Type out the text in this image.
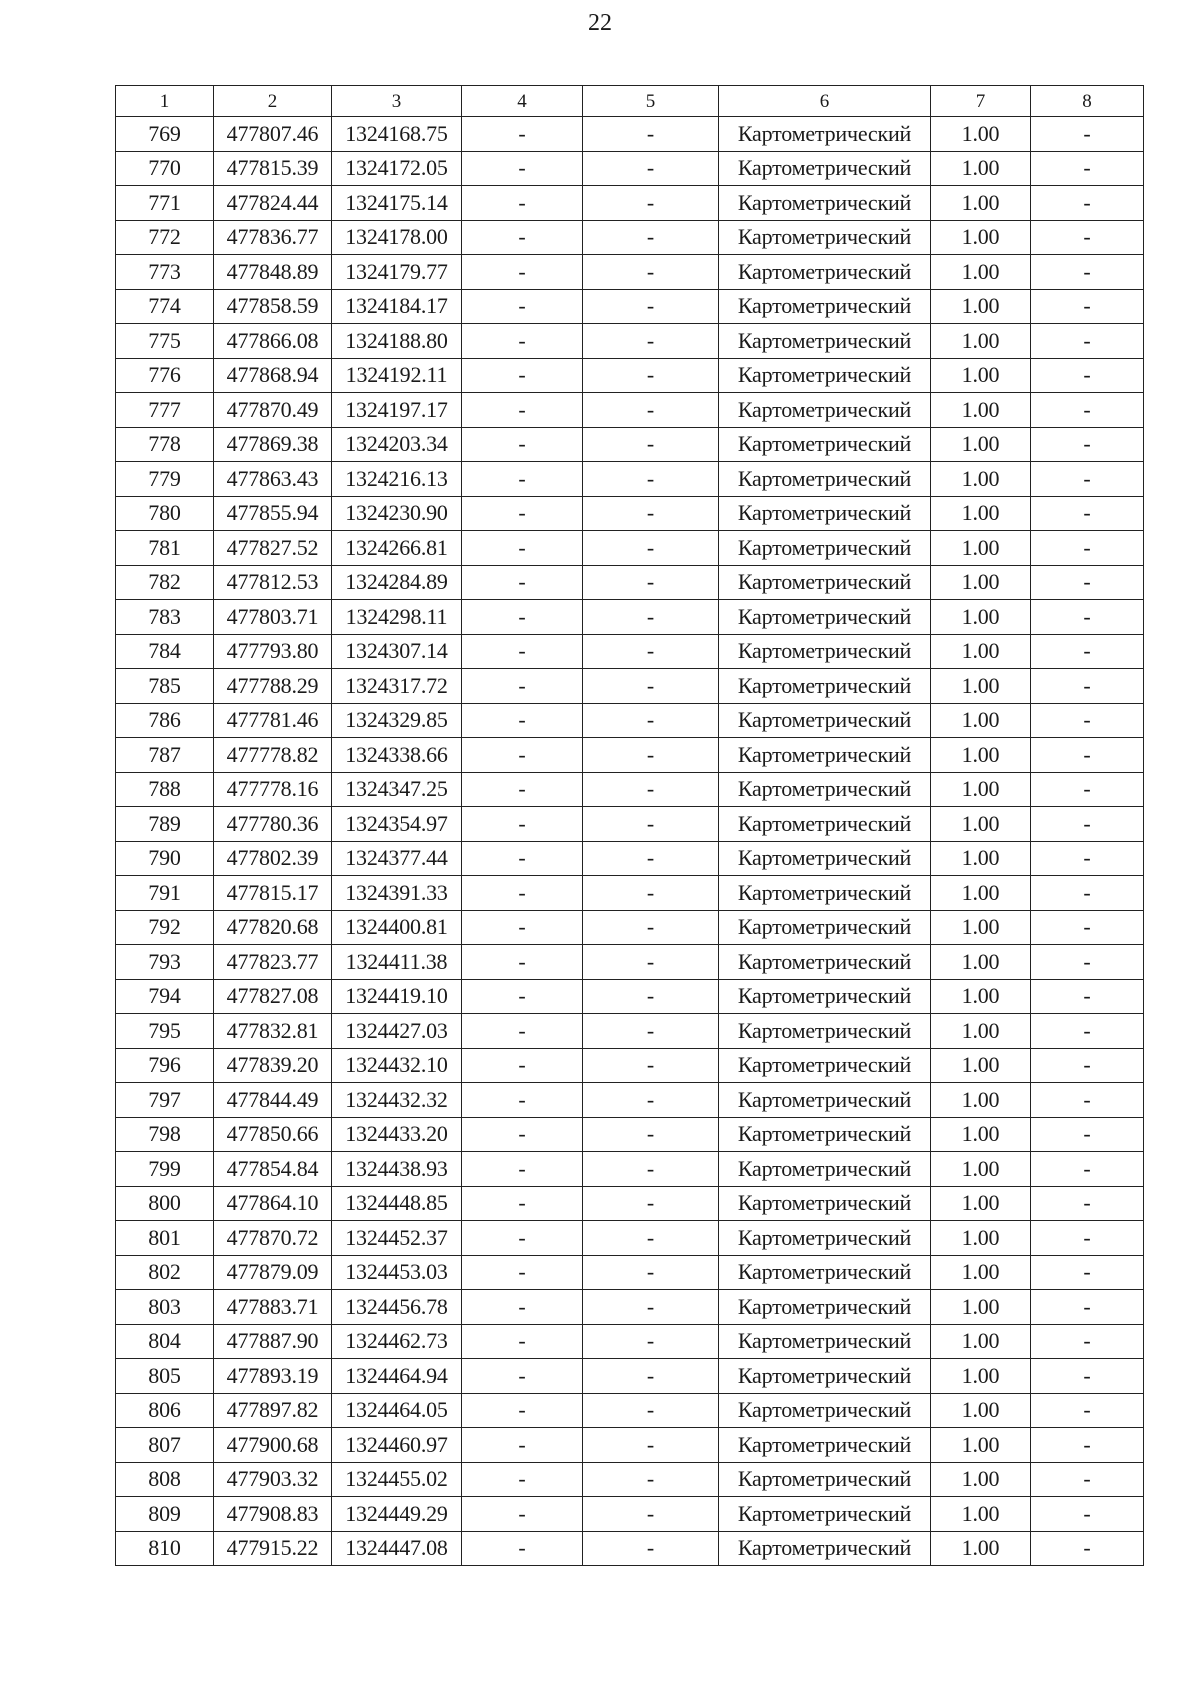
22
1	2	3	4	5	6	7	8
769	477807.46	1324168.75	-	-	Картометрический	1.00	-
770	477815.39	1324172.05	-	-	Картометрический	1.00	-
771	477824.44	1324175.14	-	-	Картометрический	1.00	-
772	477836.77	1324178.00	-	-	Картометрический	1.00	-
773	477848.89	1324179.77	-	-	Картометрический	1.00	-
774	477858.59	1324184.17	-	-	Картометрический	1.00	-
775	477866.08	1324188.80	-	-	Картометрический	1.00	-
776	477868.94	1324192.11	-	-	Картометрический	1.00	-
777	477870.49	1324197.17	-	-	Картометрический	1.00	-
778	477869.38	1324203.34	-	-	Картометрический	1.00	-
779	477863.43	1324216.13	-	-	Картометрический	1.00	-
780	477855.94	1324230.90	-	-	Картометрический	1.00	-
781	477827.52	1324266.81	-	-	Картометрический	1.00	-
782	477812.53	1324284.89	-	-	Картометрический	1.00	-
783	477803.71	1324298.11	-	-	Картометрический	1.00	-
784	477793.80	1324307.14	-	-	Картометрический	1.00	-
785	477788.29	1324317.72	-	-	Картометрический	1.00	-
786	477781.46	1324329.85	-	-	Картометрический	1.00	-
787	477778.82	1324338.66	-	-	Картометрический	1.00	-
788	477778.16	1324347.25	-	-	Картометрический	1.00	-
789	477780.36	1324354.97	-	-	Картометрический	1.00	-
790	477802.39	1324377.44	-	-	Картометрический	1.00	-
791	477815.17	1324391.33	-	-	Картометрический	1.00	-
792	477820.68	1324400.81	-	-	Картометрический	1.00	-
793	477823.77	1324411.38	-	-	Картометрический	1.00	-
794	477827.08	1324419.10	-	-	Картометрический	1.00	-
795	477832.81	1324427.03	-	-	Картометрический	1.00	-
796	477839.20	1324432.10	-	-	Картометрический	1.00	-
797	477844.49	1324432.32	-	-	Картометрический	1.00	-
798	477850.66	1324433.20	-	-	Картометрический	1.00	-
799	477854.84	1324438.93	-	-	Картометрический	1.00	-
800	477864.10	1324448.85	-	-	Картометрический	1.00	-
801	477870.72	1324452.37	-	-	Картометрический	1.00	-
802	477879.09	1324453.03	-	-	Картометрический	1.00	-
803	477883.71	1324456.78	-	-	Картометрический	1.00	-
804	477887.90	1324462.73	-	-	Картометрический	1.00	-
805	477893.19	1324464.94	-	-	Картометрический	1.00	-
806	477897.82	1324464.05	-	-	Картометрический	1.00	-
807	477900.68	1324460.97	-	-	Картометрический	1.00	-
808	477903.32	1324455.02	-	-	Картометрический	1.00	-
809	477908.83	1324449.29	-	-	Картометрический	1.00	-
810	477915.22	1324447.08	-	-	Картометрический	1.00	-
